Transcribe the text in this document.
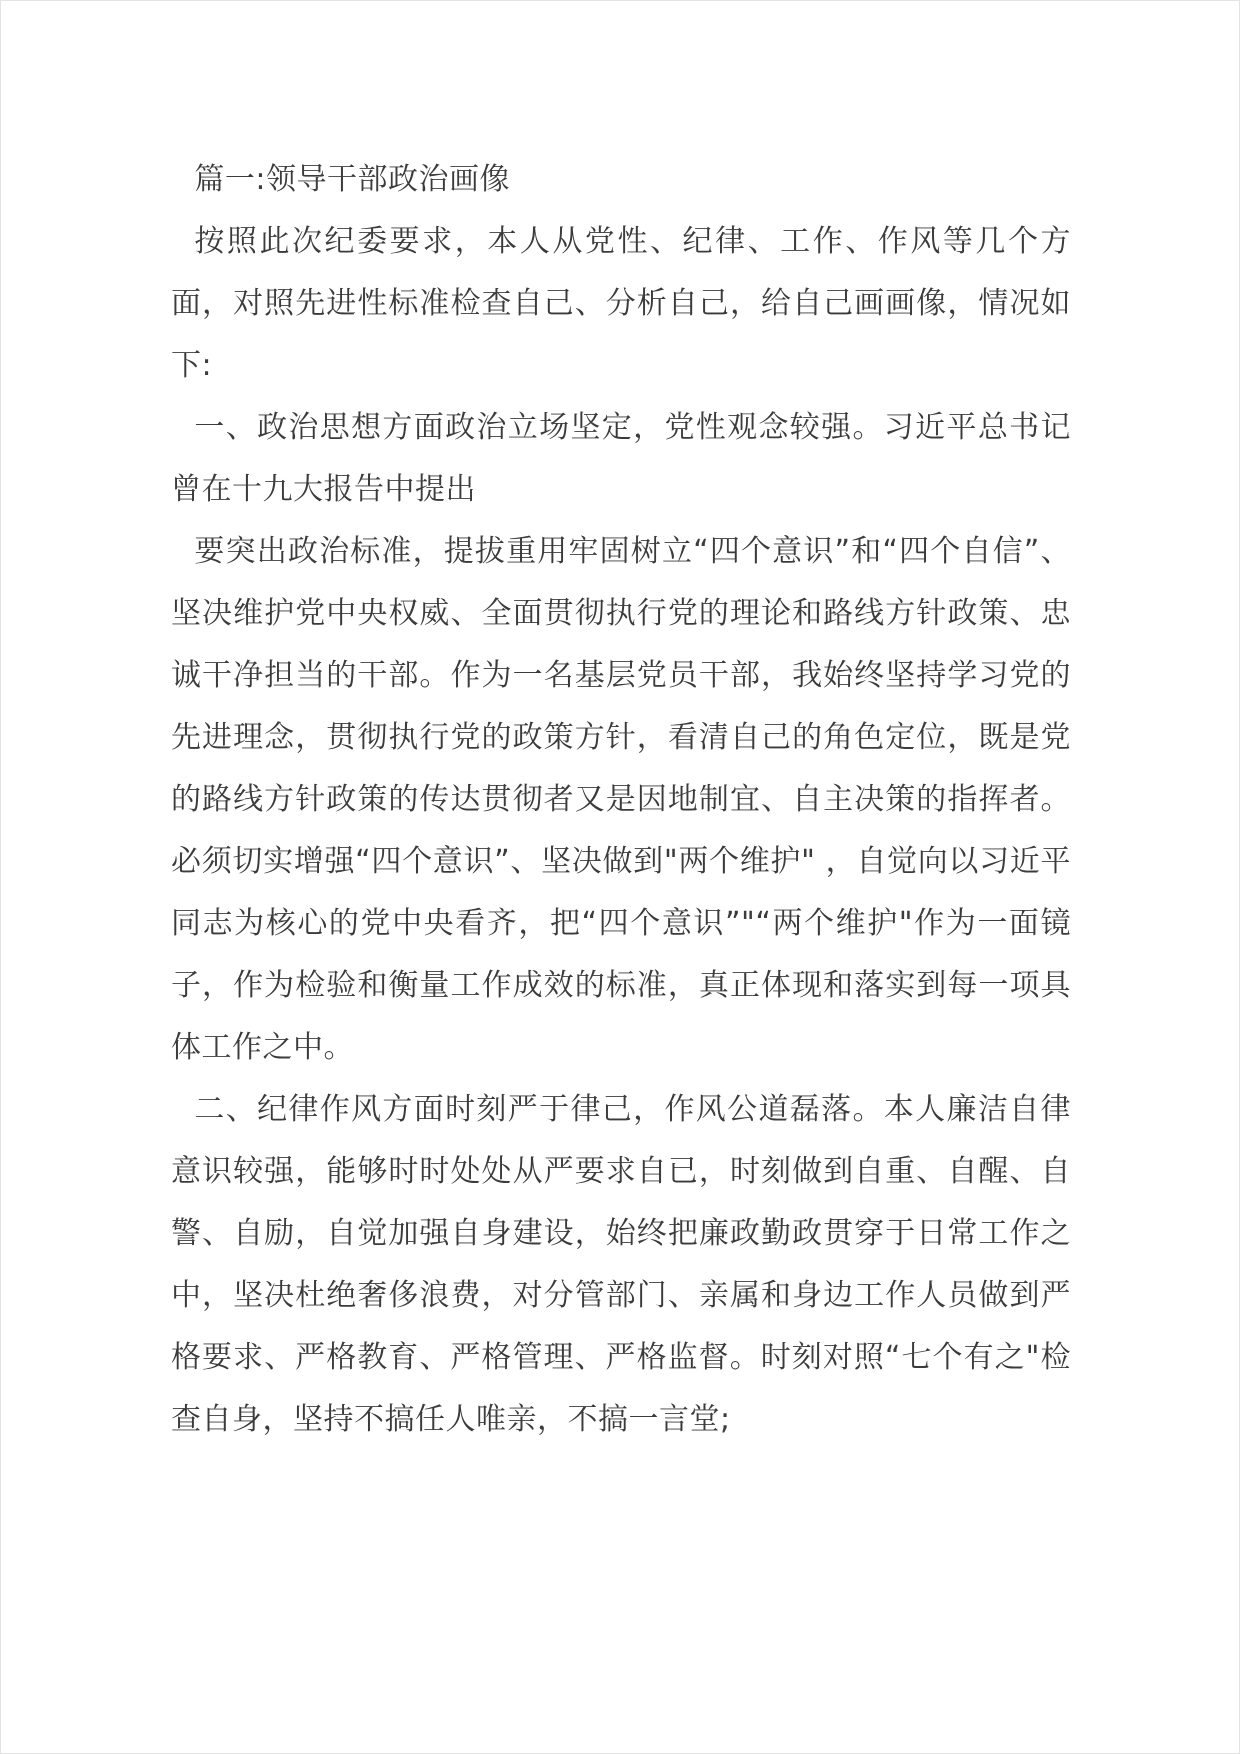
篇一:领导干部政治画像

按照此次纪委要求，本人从党性、纪律、工作、作风等几个方面，对照先进性标准检查自己、分析自己，给自己画画像，情况如下:

一、政治思想方面政治立场坚定，党性观念较强。习近平总书记曾在十九大报告中提出

要突出政治标准，提拔重用牢固树立“四个意识”和“四个自信”、坚决维护党中央权威、全面贯彻执行党的理论和路线方针政策、忠诚干净担当的干部。作为一名基层党员干部，我始终坚持学习党的先进理念，贯彻执行党的政策方针，看清自己的角色定位，既是党的路线方针政策的传达贯彻者又是因地制宜、自主决策的指挥者。必须切实增强“四个意识”、坚决做到"两个维护" ，自觉向以习近平同志为核心的党中央看齐，把“四个意识”"“两个维护"作为一面镜子，作为检验和衡量工作成效的标准，真正体现和落实到每一项具体工作之中。

二、纪律作风方面时刻严于律己，作风公道磊落。本人廉洁自律意识较强，能够时时处处从严要求自已，时刻做到自重、自醒、自警、自励，自觉加强自身建设，始终把廉政勤政贯穿于日常工作之中，坚决杜绝奢侈浪费，对分管部门、亲属和身边工作人员做到严格要求、严格教育、严格管理、严格监督。时刻对照“七个有之"检查自身，坚持不搞任人唯亲，不搞一言堂;
